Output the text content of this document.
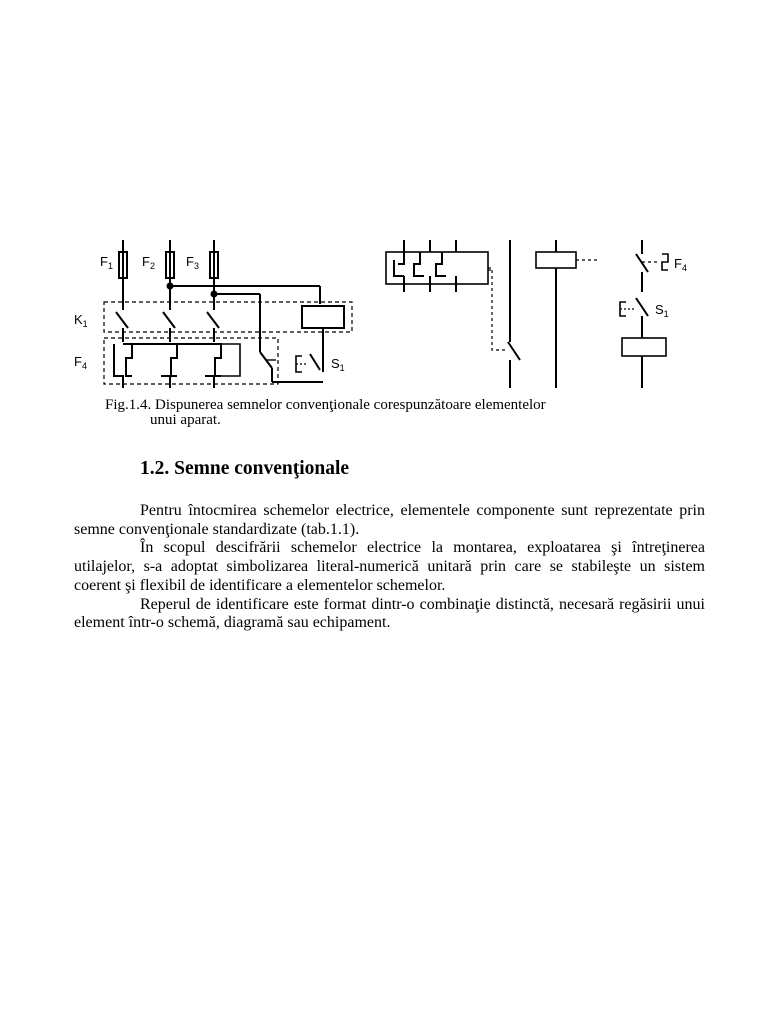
$F_1$ $F_2$ $F_3$
$K_1$
$F_4$	$S_1$
$F_4$
$S_1$
Fig.1.4. Dispunerea semnelor convenţionale corespunzătoare elementelor
unui aparat.
1.2. Semne convenţionale

Pentru întocmirea schemelor electrice, elementele componente sunt reprezentate prin semne convenţionale standardizate (tab.1.1).

În scopul descifrării schemelor electrice la montarea, exploatarea şi întreţinerea utilajelor, s-a adoptat simbolizarea literal-numerică unitară prin care se stabileşte un sistem coerent şi flexibil de identificare a elementelor schemelor.

Reperul de identificare este format dintr-o combinaţie distinctă, necesară regăsirii unui element într-o schemă, diagramă sau echipament.
